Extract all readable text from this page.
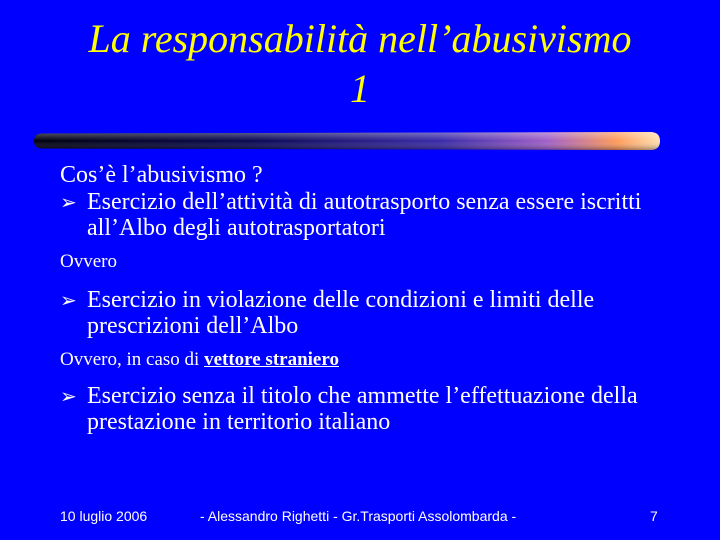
La responsabilità nell’abusivismo
1
Cos’è l’abusivismo ?
➢ Esercizio dell’attività di autotrasporto senza essere iscritti all’Albo degli autotrasportatori
Ovvero
➢ Esercizio in violazione delle condizioni e limiti delle prescrizioni dell’Albo
Ovvero, in caso di vettore straniero
➢ Esercizio senza il titolo che ammette l’effettuazione della prestazione in territorio italiano
10 luglio 2006	- Alessandro Righetti - Gr.Trasporti Assolombarda -	7
